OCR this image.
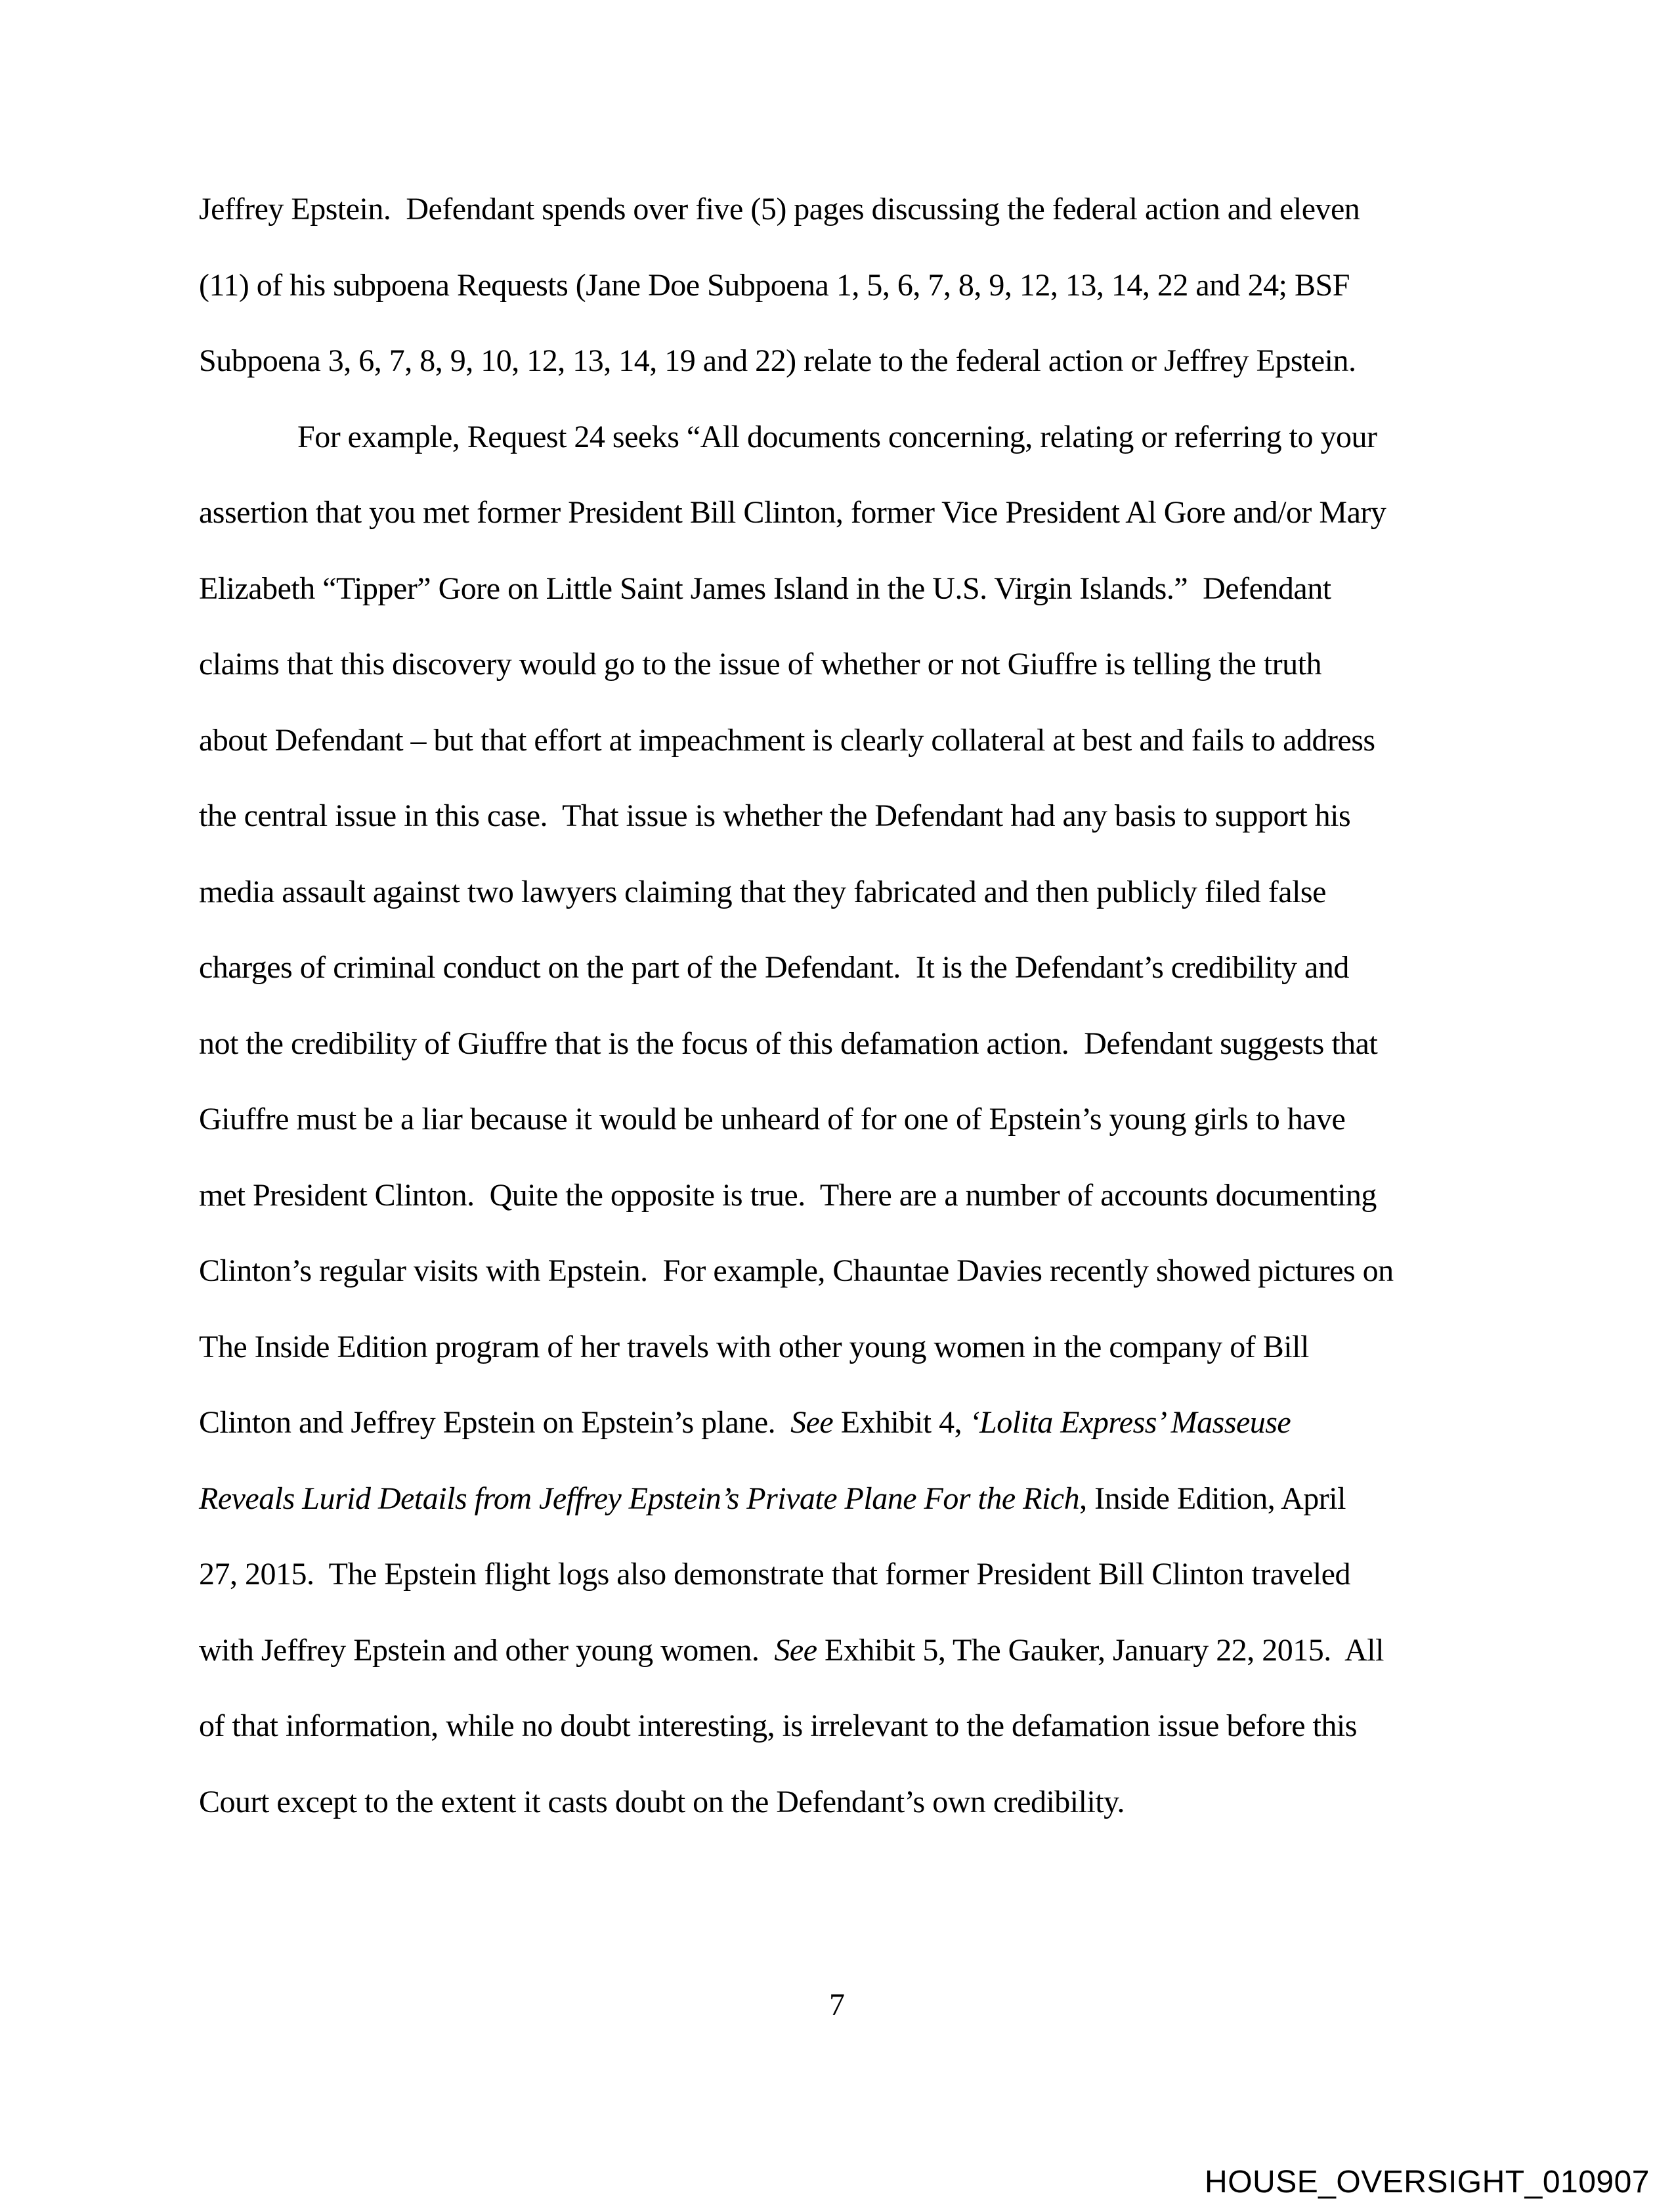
Jeffrey Epstein.  Defendant spends over five (5) pages discussing the federal action and eleven
(11) of his subpoena Requests (Jane Doe Subpoena 1, 5, 6, 7, 8, 9, 12, 13, 14, 22 and 24; BSF
Subpoena 3, 6, 7, 8, 9, 10, 12, 13, 14, 19 and 22) relate to the federal action or Jeffrey Epstein.
For example, Request 24 seeks “All documents concerning, relating or referring to your
assertion that you met former President Bill Clinton, former Vice President Al Gore and/or Mary
Elizabeth “Tipper” Gore on Little Saint James Island in the U.S. Virgin Islands.”  Defendant
claims that this discovery would go to the issue of whether or not Giuffre is telling the truth
about Defendant – but that effort at impeachment is clearly collateral at best and fails to address
the central issue in this case.  That issue is whether the Defendant had any basis to support his
media assault against two lawyers claiming that they fabricated and then publicly filed false
charges of criminal conduct on the part of the Defendant.  It is the Defendant’s credibility and
not the credibility of Giuffre that is the focus of this defamation action.  Defendant suggests that
Giuffre must be a liar because it would be unheard of for one of Epstein’s young girls to have
met President Clinton.  Quite the opposite is true.  There are a number of accounts documenting
Clinton’s regular visits with Epstein.  For example, Chauntae Davies recently showed pictures on
The Inside Edition program of her travels with other young women in the company of Bill
Clinton and Jeffrey Epstein on Epstein’s plane.  See Exhibit 4, ‘Lolita Express’ Masseuse
Reveals Lurid Details from Jeffrey Epstein’s Private Plane For the Rich, Inside Edition, April
27, 2015.  The Epstein flight logs also demonstrate that former President Bill Clinton traveled
with Jeffrey Epstein and other young women.  See Exhibit 5, The Gauker, January 22, 2015.  All
of that information, while no doubt interesting, is irrelevant to the defamation issue before this
Court except to the extent it casts doubt on the Defendant’s own credibility.
7
HOUSE_OVERSIGHT_010907
